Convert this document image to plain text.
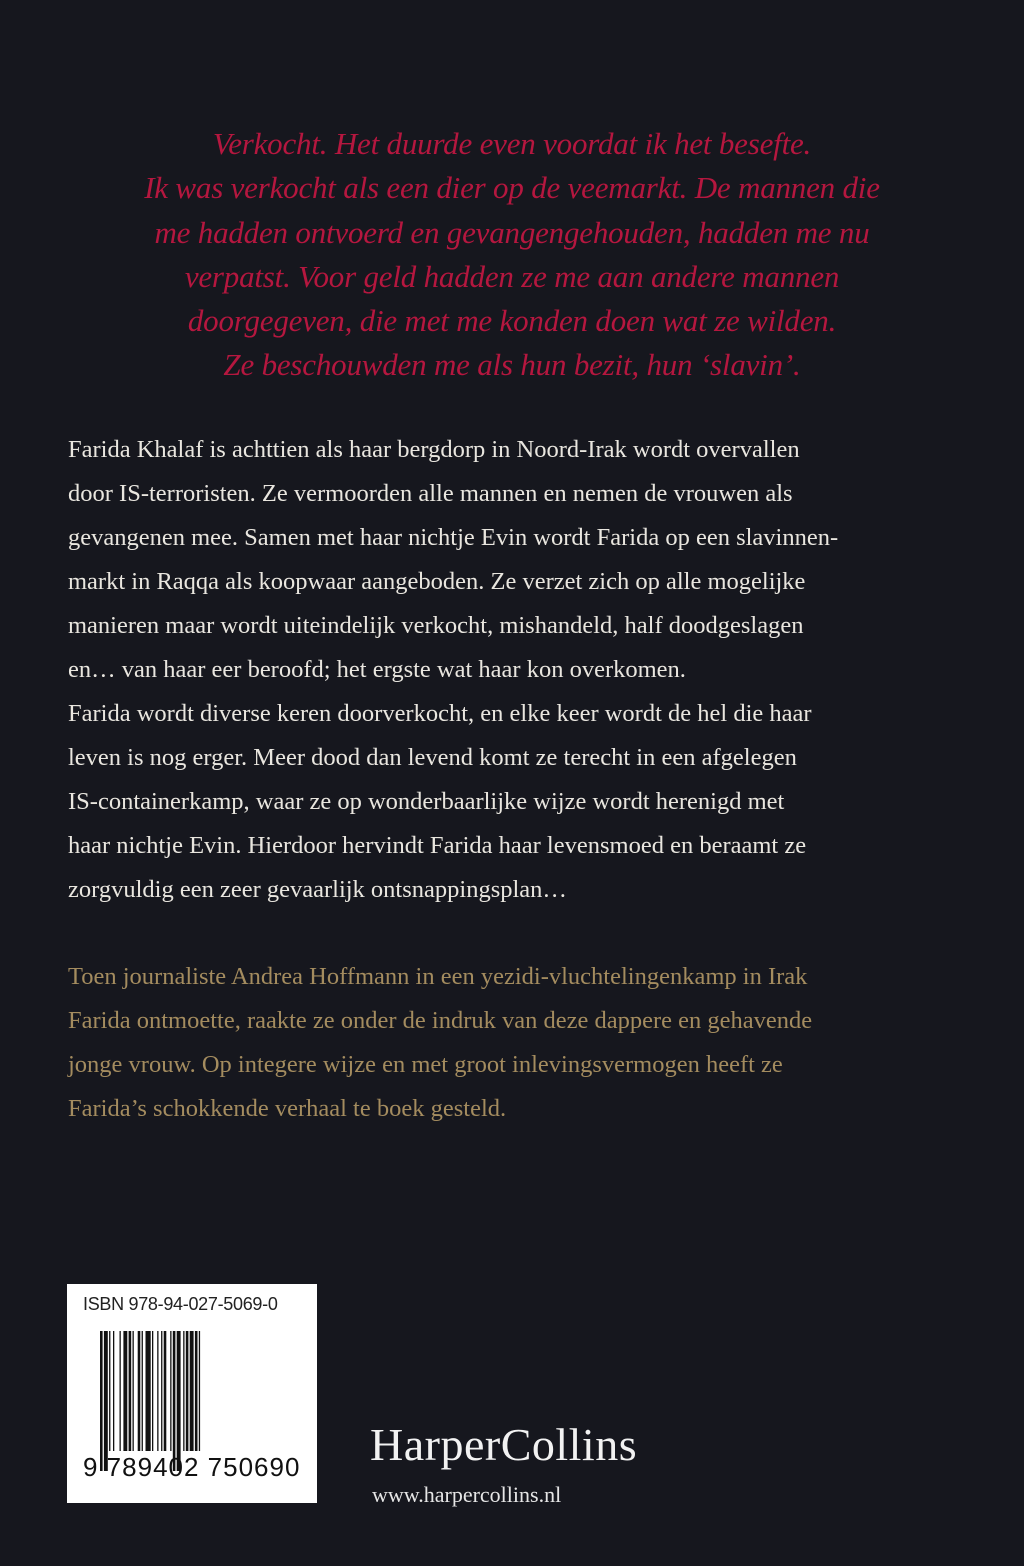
Verkocht. Het duurde even voordat ik het besefte.
Ik was verkocht als een dier op de veemarkt. De mannen die
me hadden ontvoerd en gevangengehouden, hadden me nu
verpatst. Voor geld hadden ze me aan andere mannen
doorgegeven, die met me konden doen wat ze wilden.
Ze beschouwden me als hun bezit, hun ‘slavin’.
Farida Khalaf is achttien als haar bergdorp in Noord-Irak wordt overvallen
door IS-terroristen. Ze vermoorden alle mannen en nemen de vrouwen als
gevangenen mee. Samen met haar nichtje Evin wordt Farida op een slavinnen-
markt in Raqqa als koopwaar aangeboden. Ze verzet zich op alle mogelijke
manieren maar wordt uiteindelijk verkocht, mishandeld, half doodgeslagen
en… van haar eer beroofd; het ergste wat haar kon overkomen.
Farida wordt diverse keren doorverkocht, en elke keer wordt de hel die haar
leven is nog erger. Meer dood dan levend komt ze terecht in een afgelegen
IS-containerkamp, waar ze op wonderbaarlijke wijze wordt herenigd met
haar nichtje Evin. Hierdoor hervindt Farida haar levensmoed en beraamt ze
zorgvuldig een zeer gevaarlijk ontsnappingsplan…
Toen journaliste Andrea Hoffmann in een yezidi-vluchtelingenkamp in Irak
Farida ontmoette, raakte ze onder de indruk van deze dappere en gehavende
jonge vrouw. Op integere wijze en met groot inlevingsvermogen heeft ze
Farida’s schokkende verhaal te boek gesteld.
ISBN 978-94-027-5069-0
9 789402 750690 HarperCollins
www.harpercollins.nl
